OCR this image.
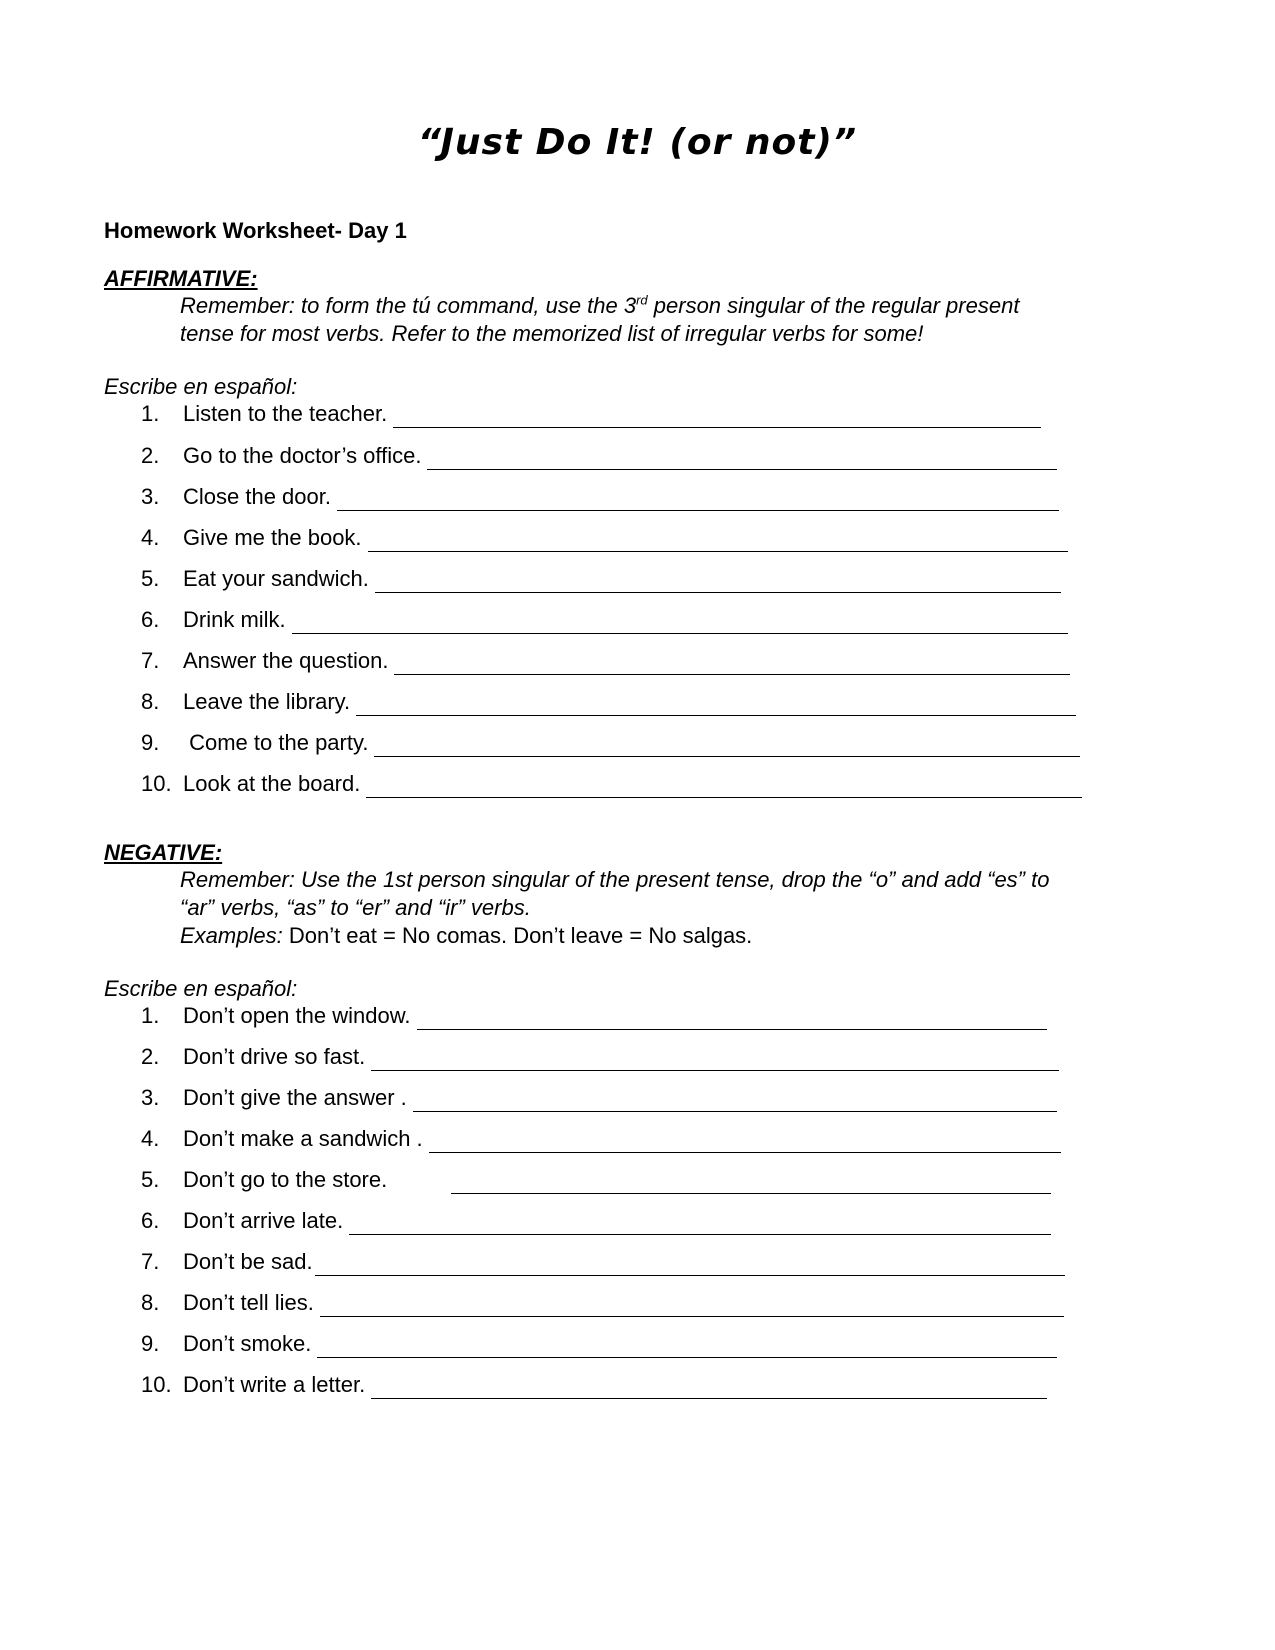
“Just Do It! (or not)”
Homework Worksheet- Day 1
AFFIRMATIVE:
Remember: to form the tú command, use the 3rd person singular of the regular present
tense for most verbs. Refer to the memorized list of irregular verbs for some!
Escribe en español:
1.	Listen to the teacher.
2.	Go to the doctor’s office.
3.	Close the door.
4.	Give me the book.
5.	Eat your sandwich.
6.	Drink milk.
7.	Answer the question.
8.	Leave the library.
9.	Come to the party.
10. Look at the board.
NEGATIVE:
Remember: Use the 1st person singular of the present tense, drop the “o” and add “es” to
“ar” verbs, “as” to “er” and “ir” verbs.
Examples: Don’t eat = No comas. Don’t leave = No salgas.
Escribe en español:
1.	Don’t open the window.
2.	Don’t drive so fast.
3.	Don’t give the answer .
4.	Don’t make a sandwich .
5.	Don’t go to the store.
6.	Don’t arrive late.
7.	Don’t be sad.
8.	Don’t tell lies.
9.	Don’t smoke.
10. Don’t write a letter.
